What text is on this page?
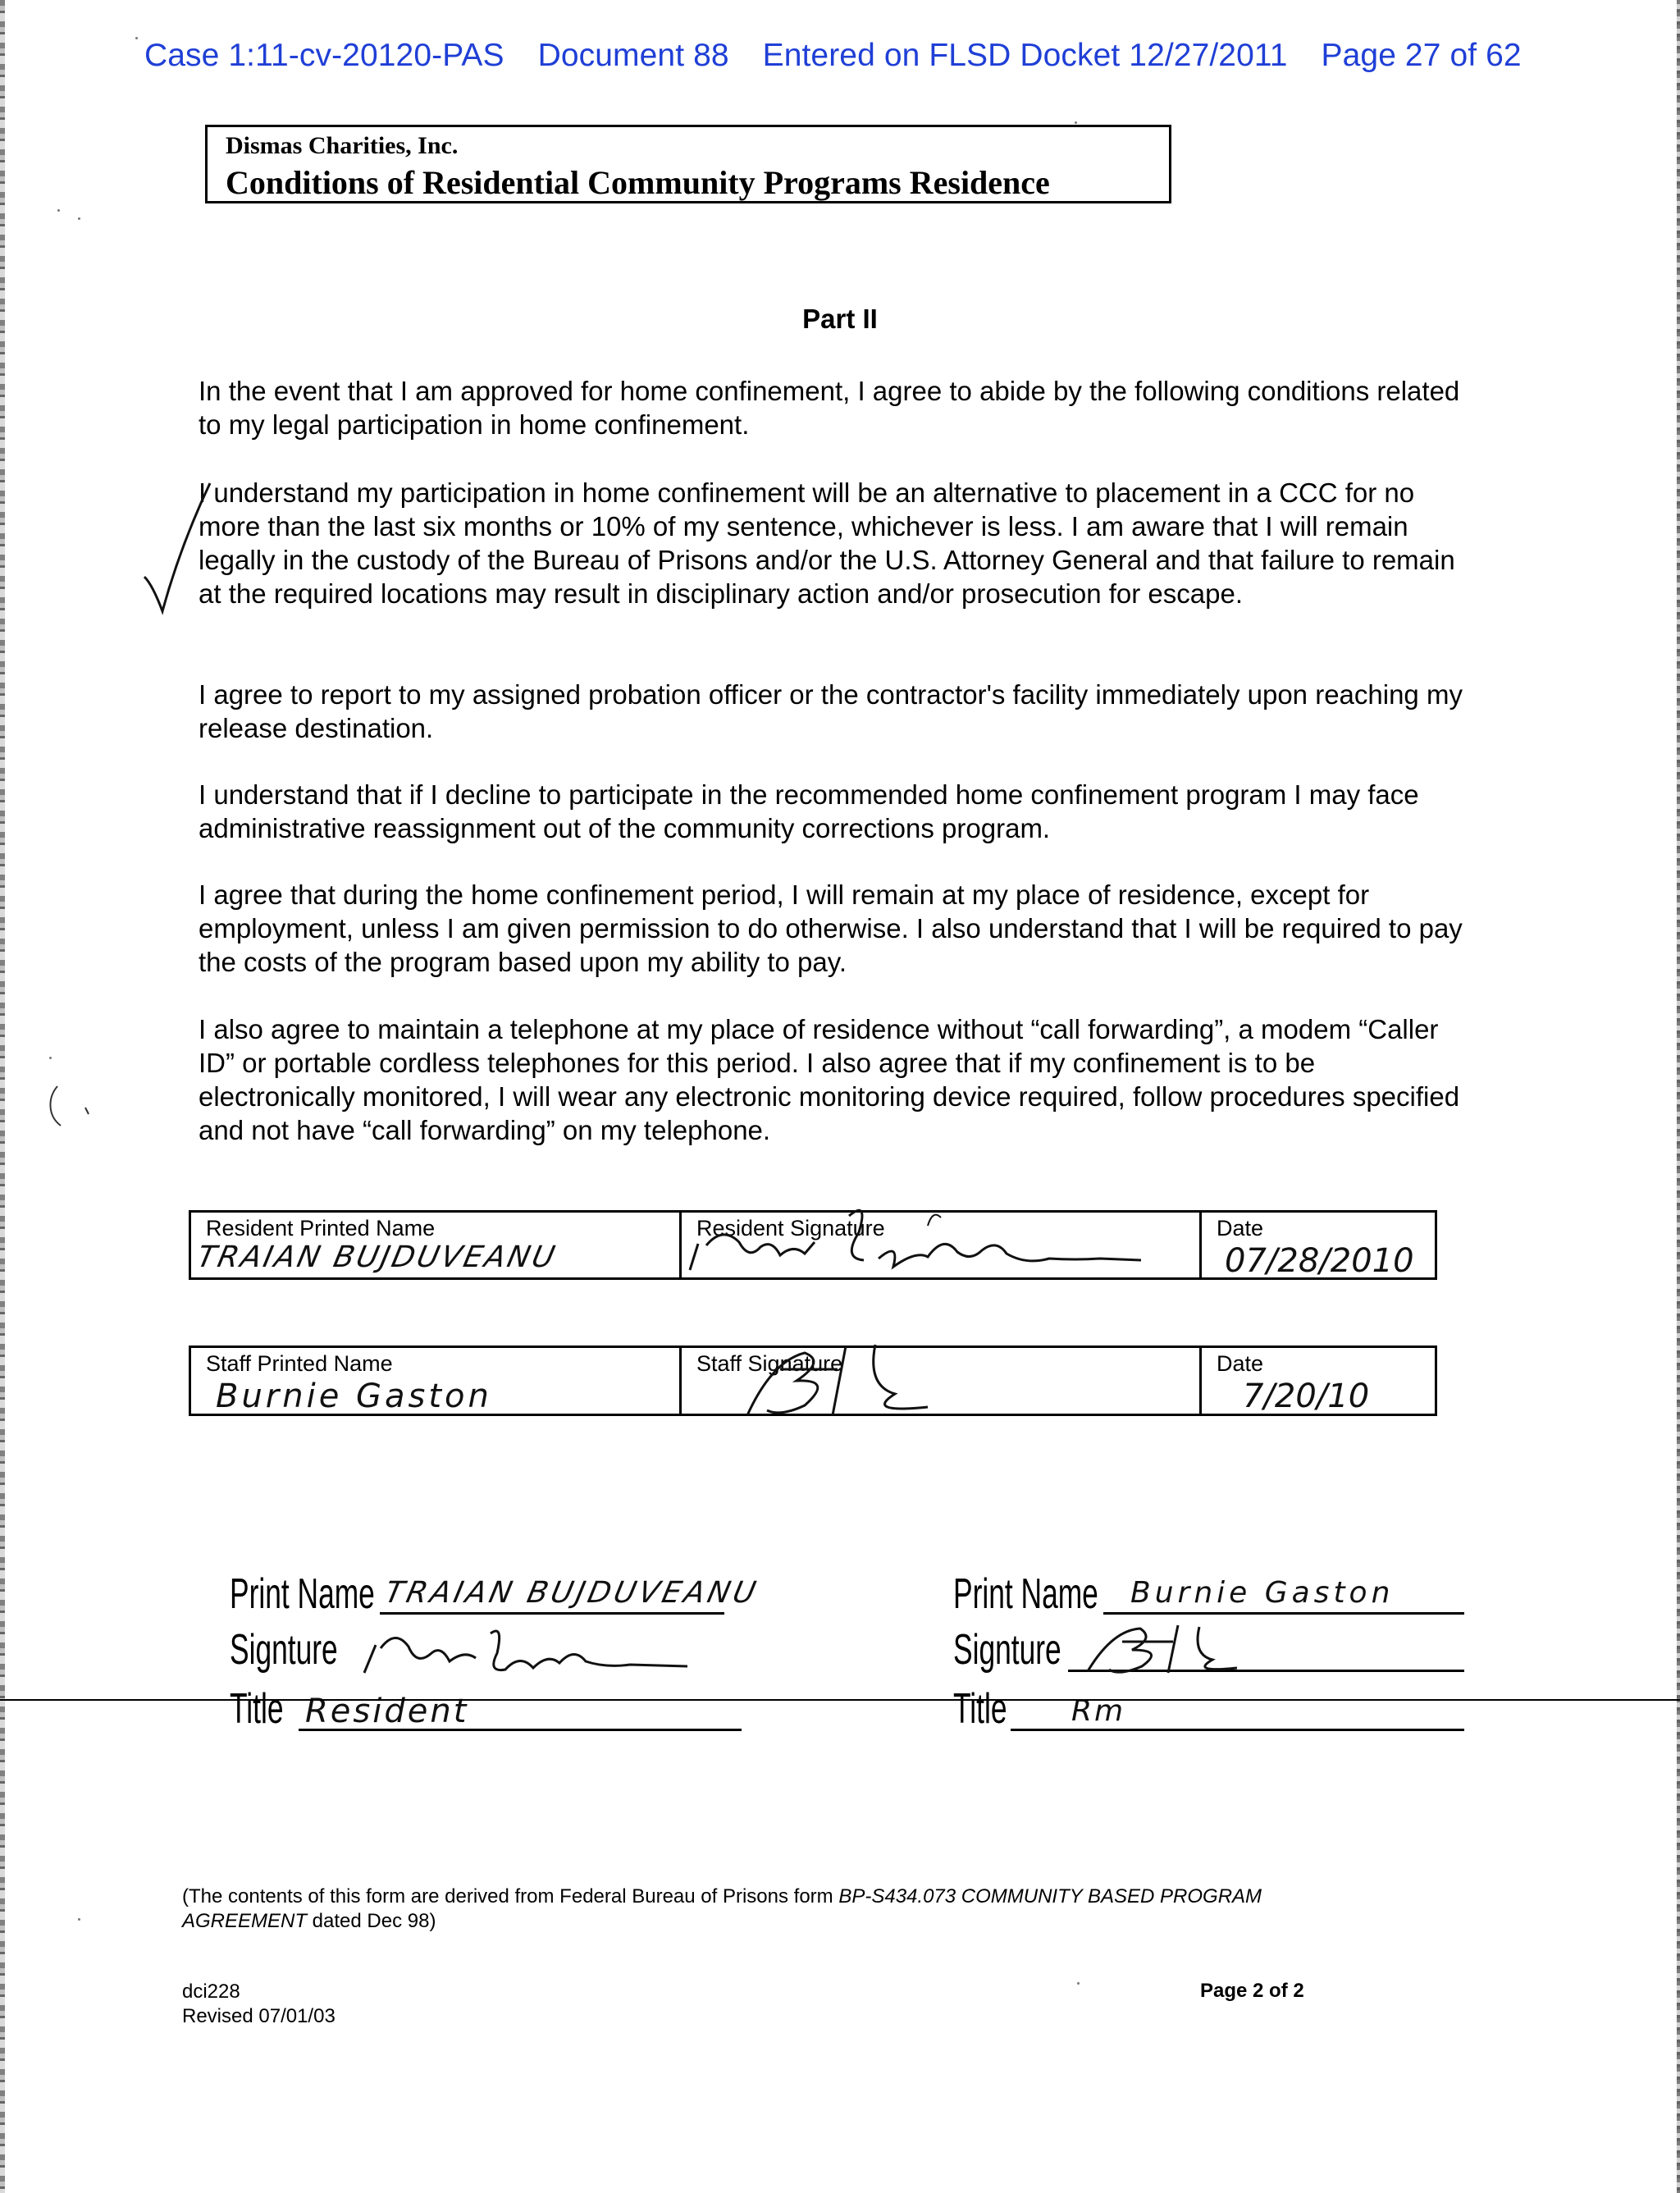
Case 1:11-cv-20120-PAS Document 88 Entered on FLSD Docket 12/27/2011 Page 27 of 62
Dismas Charities, Inc.
Conditions of Residential Community Programs Residence
Part II
In the event that I am approved for home confinement, I agree to abide by the following conditions related to my legal participation in home confinement.
I understand my participation in home confinement will be an alternative to placement in a CCC for no more than the last six months or 10% of my sentence, whichever is less. I am aware that I will remain legally in the custody of the Bureau of Prisons and/or the U.S. Attorney General and that failure to remain at the required locations may result in disciplinary action and/or prosecution for escape.
I agree to report to my assigned probation officer or the contractor's facility immediately upon reaching my release destination.
I understand that if I decline to participate in the recommended home confinement program I may face administrative reassignment out of the community corrections program.
I agree that during the home confinement period, I will remain at my place of residence, except for employment, unless I am given permission to do otherwise. I also understand that I will be required to pay the costs of the program based upon my ability to pay.
I also agree to maintain a telephone at my place of residence without “call forwarding”, a modem “Caller ID” or portable cordless telephones for this period. I also agree that if my confinement is to be electronically monitored, I will wear any electronic monitoring device required, follow procedures specified and not have “call forwarding” on my telephone.
Resident Printed Name
TRAIAN BUJDUVEANU
Resident Signature	Date
07/28/2010
Staff Printed Name
Burnie Gaston
Staff Signature	Date
7/20/10
Print Name TRAIAN BUJDUVEANU
Signture
Title Resident
Print Name Burnie Gaston
Signture
Title Rm
(The contents of this form are derived from Federal Bureau of Prisons form BP-S434.073 COMMUNITY BASED PROGRAM AGREEMENT dated Dec 98)
dci228
Revised 07/01/03
Page 2 of 2
